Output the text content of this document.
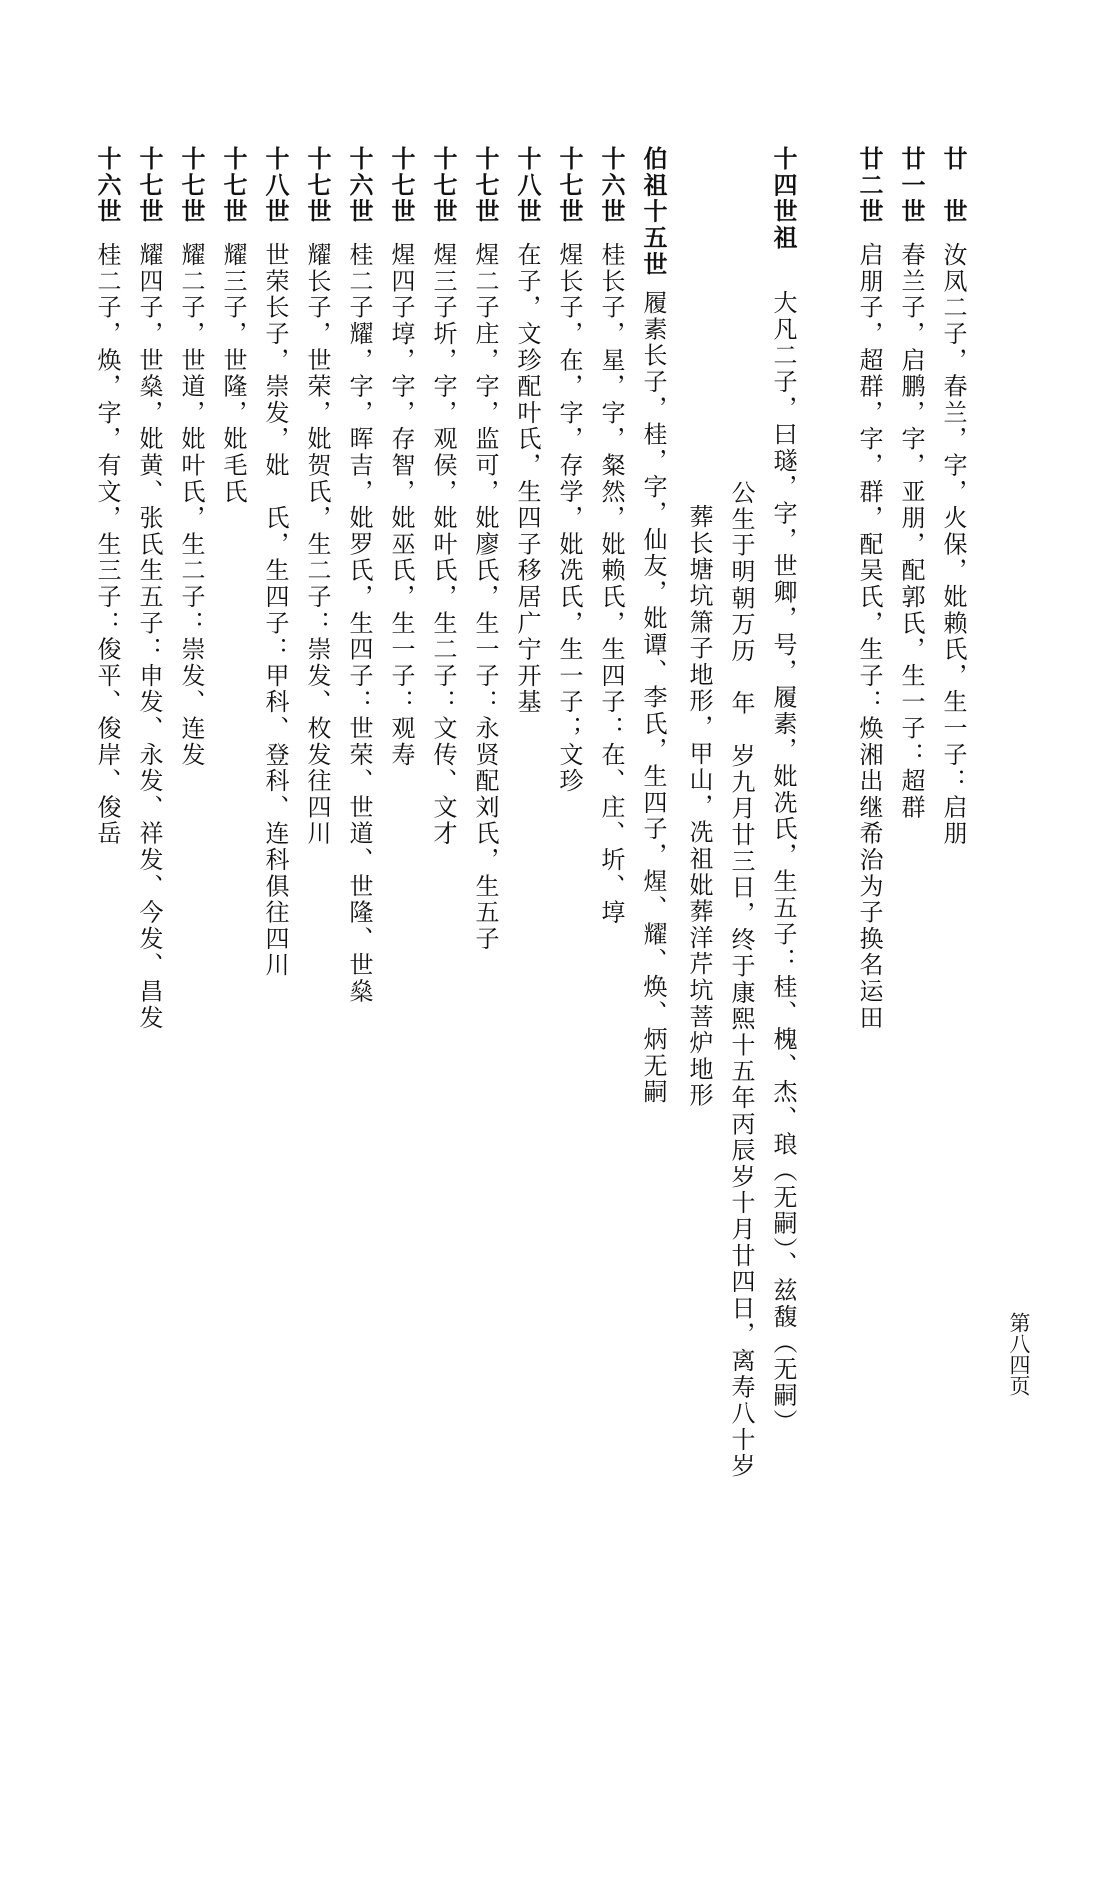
第八四页
廿　世汝凤二子，春兰，字，火保，妣赖氏，生一子：启朋
廿一世春兰子，启鹏，字，亚朋，配郭氏，生一子：超群
廿二世启朋子，超群，字，群，配吴氏，生子：焕湘出继希治为子换名运田
十四世祖大凡二子，曰璲，字，世卿，号，履素，妣冼氏，生五子：桂、槐、杰、琅（无嗣）、兹馥（无嗣）
公生于明朝万历　年　岁九月廿三日，终于康熙十五年丙辰岁十月廿四日，离寿八十岁
葬长塘坑箫子地形，甲山，冼祖妣葬洋芹坑菩炉地形
伯祖十五世履素长子，桂，字，仙友，妣谭、李氏，生四子，煋、耀、焕、炳无嗣
十六世桂长子，星，字，粲然，妣赖氏，生四子：在、庄、圻、埻
十七世煋长子，在，字，存学，妣冼氏，生一子；文珍
十八世在子，文珍配叶氏，生四子移居广宁开基
十七世煋二子庄，字，监可，妣廖氏，生一子：永贤配刘氏，生五子
十七世煋三子圻，字，观侯，妣叶氏，生二子：文传、文才
十七世煋四子埻，字，存智，妣巫氏，生一子：观寿
十六世桂二子耀，字，晖吉，妣罗氏，生四子：世荣、世道、世隆、世燊
十七世耀长子，世荣，妣贺氏，生二子：崇发、枚发往四川
十八世世荣长子，崇发，妣　氏，生四子：甲科、登科、连科俱往四川
十七世耀三子，世隆，妣毛氏
十七世耀二子，世道，妣叶氏，生二子：崇发、连发
十七世耀四子，世燊，妣黄、张氏生五子：申发、永发、祥发、今发、昌发
十六世桂二子，焕，字，有文，生三子：俊平、俊岸、俊岳
